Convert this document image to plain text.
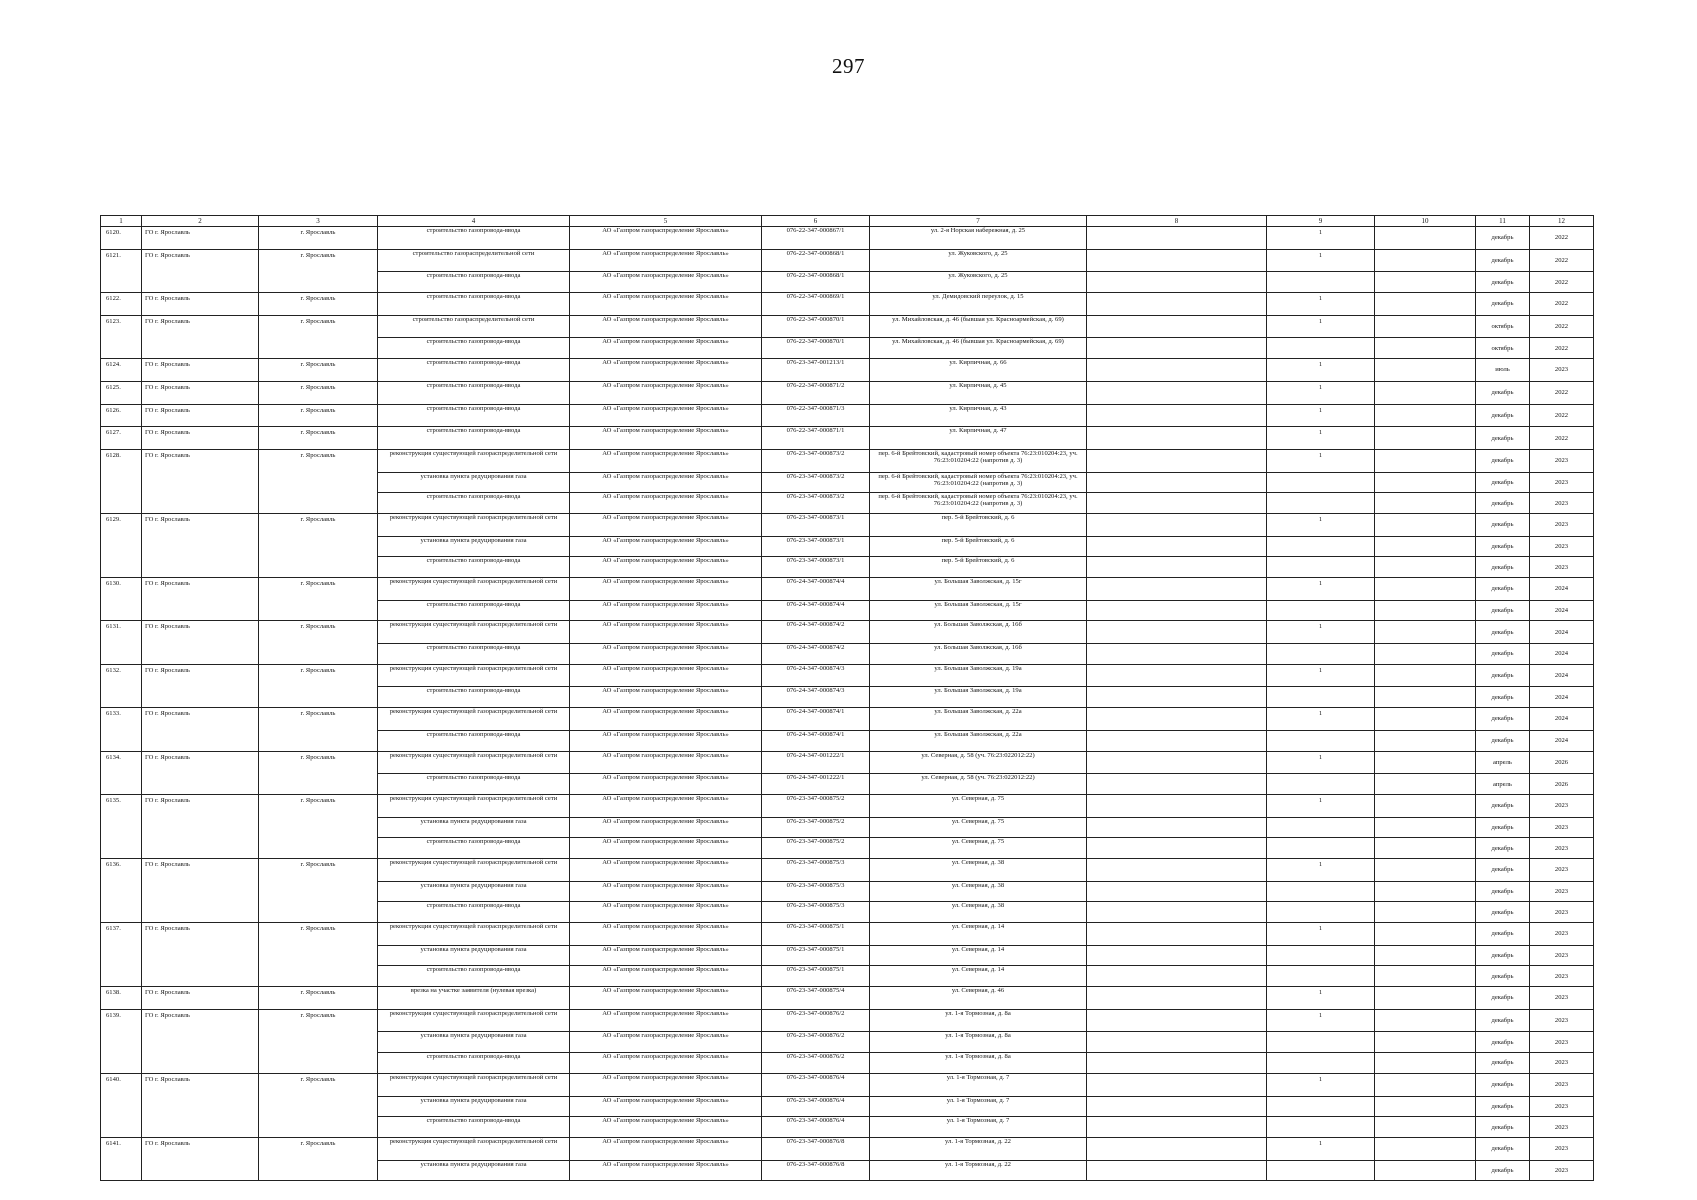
297
1	2	3	4	5	6	7	8	9	10	11	12
6120.	ГО г. Ярославль	г. Ярославль	строительство газопровода-ввода	АО «Газпром газораспределение Ярославль»	076-22-347-000867/1	ул. 2-я Норская набережная, д. 25		1		декабрь	2022
6121.	ГО г. Ярославль	г. Ярославль	строительство газораспределительной сети	АО «Газпром газораспределение Ярославль»	076-22-347-000868/1	ул. Жуковского, д. 25		1		декабрь	2022
			строительство газопровода-ввода	АО «Газпром газораспределение Ярославль»	076-22-347-000868/1	ул. Жуковского, д. 25				декабрь	2022
6122.	ГО г. Ярославль	г. Ярославль	строительство газопровода-ввода	АО «Газпром газораспределение Ярославль»	076-22-347-000869/1	ул. Демидовский переулок, д. 15		1		декабрь	2022
6123.	ГО г. Ярославль	г. Ярославль	строительство газораспределительной сети	АО «Газпром газораспределение Ярославль»	076-22-347-000870/1	ул. Михайловская, д. 46 (бывшая ул. Красноармейская, д. 69)		1		октябрь	2022
			строительство газопровода-ввода	АО «Газпром газораспределение Ярославль»	076-22-347-000870/1	ул. Михайловская, д. 46 (бывшая ул. Красноармейская, д. 69)				октябрь	2022
6124.	ГО г. Ярославль	г. Ярославль	строительство газопровода-ввода	АО «Газпром газораспределение Ярославль»	076-23-347-001213/1	ул. Кирпичная, д. 66		1		июль	2023
6125.	ГО г. Ярославль	г. Ярославль	строительство газопровода-ввода	АО «Газпром газораспределение Ярославль»	076-22-347-000871/2	ул. Кирпичная, д. 45		1		декабрь	2022
6126.	ГО г. Ярославль	г. Ярославль	строительство газопровода-ввода	АО «Газпром газораспределение Ярославль»	076-22-347-000871/3	ул. Кирпичная, д. 43		1		декабрь	2022
6127.	ГО г. Ярославль	г. Ярославль	строительство газопровода-ввода	АО «Газпром газораспределение Ярославль»	076-22-347-000871/1	ул. Кирпичная, д. 47		1		декабрь	2022
6128.	ГО г. Ярославль	г. Ярославль	реконструкция существующей газораспределительной сети	АО «Газпром газораспределение Ярославль»	076-23-347-000873/2	пер. 6-й Брейтовский, кадастровый номер объекта 76:23:010204:23, уч. 76:23:010204:22 (напротив д. 3)		1		декабрь	2023
			установка пункта редуцирования газа	АО «Газпром газораспределение Ярославль»	076-23-347-000873/2	пер. 6-й Брейтовский, кадастровый номер объекта 76:23:010204:23, уч. 76:23:010204:22 (напротив д. 3)				декабрь	2023
			строительство газопровода-ввода	АО «Газпром газораспределение Ярославль»	076-23-347-000873/2	пер. 6-й Брейтовский, кадастровый номер объекта 76:23:010204:23, уч. 76:23:010204:22 (напротив д. 3)				декабрь	2023
6129.	ГО г. Ярославль	г. Ярославль	реконструкция существующей газораспределительной сети	АО «Газпром газораспределение Ярославль»	076-23-347-000873/1	пер. 5-й Брейтовский, д. 6		1		декабрь	2023
			установка пункта редуцирования газа	АО «Газпром газораспределение Ярославль»	076-23-347-000873/1	пер. 5-й Брейтовский, д. 6				декабрь	2023
			строительство газопровода-ввода	АО «Газпром газораспределение Ярославль»	076-23-347-000873/1	пер. 5-й Брейтовский, д. 6				декабрь	2023
6130.	ГО г. Ярославль	г. Ярославль	реконструкция существующей газораспределительной сети	АО «Газпром газораспределение Ярославль»	076-24-347-000874/4	ул. Большая Заволжская, д. 15г		1		декабрь	2024
			строительство газопровода-ввода	АО «Газпром газораспределение Ярославль»	076-24-347-000874/4	ул. Большая Заволжская, д. 15г				декабрь	2024
6131.	ГО г. Ярославль	г. Ярославль	реконструкция существующей газораспределительной сети	АО «Газпром газораспределение Ярославль»	076-24-347-000874/2	ул. Большая Заволжская, д. 16б		1		декабрь	2024
			строительство газопровода-ввода	АО «Газпром газораспределение Ярославль»	076-24-347-000874/2	ул. Большая Заволжская, д. 16б				декабрь	2024
6132.	ГО г. Ярославль	г. Ярославль	реконструкция существующей газораспределительной сети	АО «Газпром газораспределение Ярославль»	076-24-347-000874/3	ул. Большая Заволжская, д. 19а		1		декабрь	2024
			строительство газопровода-ввода	АО «Газпром газораспределение Ярославль»	076-24-347-000874/3	ул. Большая Заволжская, д. 19а				декабрь	2024
6133.	ГО г. Ярославль	г. Ярославль	реконструкция существующей газораспределительной сети	АО «Газпром газораспределение Ярославль»	076-24-347-000874/1	ул. Большая Заволжская, д. 22а		1		декабрь	2024
			строительство газопровода-ввода	АО «Газпром газораспределение Ярославль»	076-24-347-000874/1	ул. Большая Заволжская, д. 22а				декабрь	2024
6134.	ГО г. Ярославль	г. Ярославль	реконструкция существующей газораспределительной сети	АО «Газпром газораспределение Ярославль»	076-24-347-001222/1	ул. Северная, д. 58 (уч. 76:23:022012:22)		1		апрель	2026
			строительство газопровода-ввода	АО «Газпром газораспределение Ярославль»	076-24-347-001222/1	ул. Северная, д. 58 (уч. 76:23:022012:22)				апрель	2026
6135.	ГО г. Ярославль	г. Ярославль	реконструкция существующей газораспределительной сети	АО «Газпром газораспределение Ярославль»	076-23-347-000875/2	ул. Северная, д. 75		1		декабрь	2023
			установка пункта редуцирования газа	АО «Газпром газораспределение Ярославль»	076-23-347-000875/2	ул. Северная, д. 75				декабрь	2023
			строительство газопровода-ввода	АО «Газпром газораспределение Ярославль»	076-23-347-000875/2	ул. Северная, д. 75				декабрь	2023
6136.	ГО г. Ярославль	г. Ярославль	реконструкция существующей газораспределительной сети	АО «Газпром газораспределение Ярославль»	076-23-347-000875/3	ул. Северная, д. 38		1		декабрь	2023
			установка пункта редуцирования газа	АО «Газпром газораспределение Ярославль»	076-23-347-000875/3	ул. Северная, д. 38				декабрь	2023
			строительство газопровода-ввода	АО «Газпром газораспределение Ярославль»	076-23-347-000875/3	ул. Северная, д. 38				декабрь	2023
6137.	ГО г. Ярославль	г. Ярославль	реконструкция существующей газораспределительной сети	АО «Газпром газораспределение Ярославль»	076-23-347-000875/1	ул. Северная, д. 14		1		декабрь	2023
			установка пункта редуцирования газа	АО «Газпром газораспределение Ярославль»	076-23-347-000875/1	ул. Северная, д. 14				декабрь	2023
			строительство газопровода-ввода	АО «Газпром газораспределение Ярославль»	076-23-347-000875/1	ул. Северная, д. 14				декабрь	2023
6138.	ГО г. Ярославль	г. Ярославль	врезка на участке заявителя (нулевая врезка)	АО «Газпром газораспределение Ярославль»	076-23-347-000875/4	ул. Северная, д. 46		1		декабрь	2023
6139.	ГО г. Ярославль	г. Ярославль	реконструкция существующей газораспределительной сети	АО «Газпром газораспределение Ярославль»	076-23-347-000876/2	ул. 1-я Тормозная, д. 8а		1		декабрь	2023
			установка пункта редуцирования газа	АО «Газпром газораспределение Ярославль»	076-23-347-000876/2	ул. 1-я Тормозная, д. 8а				декабрь	2023
			строительство газопровода-ввода	АО «Газпром газораспределение Ярославль»	076-23-347-000876/2	ул. 1-я Тормозная, д. 8а				декабрь	2023
6140.	ГО г. Ярославль	г. Ярославль	реконструкция существующей газораспределительной сети	АО «Газпром газораспределение Ярославль»	076-23-347-000876/4	ул. 1-я Тормозная, д. 7		1		декабрь	2023
			установка пункта редуцирования газа	АО «Газпром газораспределение Ярославль»	076-23-347-000876/4	ул. 1-я Тормозная, д. 7				декабрь	2023
			строительство газопровода-ввода	АО «Газпром газораспределение Ярославль»	076-23-347-000876/4	ул. 1-я Тормозная, д. 7				декабрь	2023
6141.	ГО г. Ярославль	г. Ярославль	реконструкция существующей газораспределительной сети	АО «Газпром газораспределение Ярославль»	076-23-347-000876/8	ул. 1-я Тормозная, д. 22		1		декабрь	2023
			установка пункта редуцирования газа	АО «Газпром газораспределение Ярославль»	076-23-347-000876/8	ул. 1-я Тормозная, д. 22				декабрь	2023
